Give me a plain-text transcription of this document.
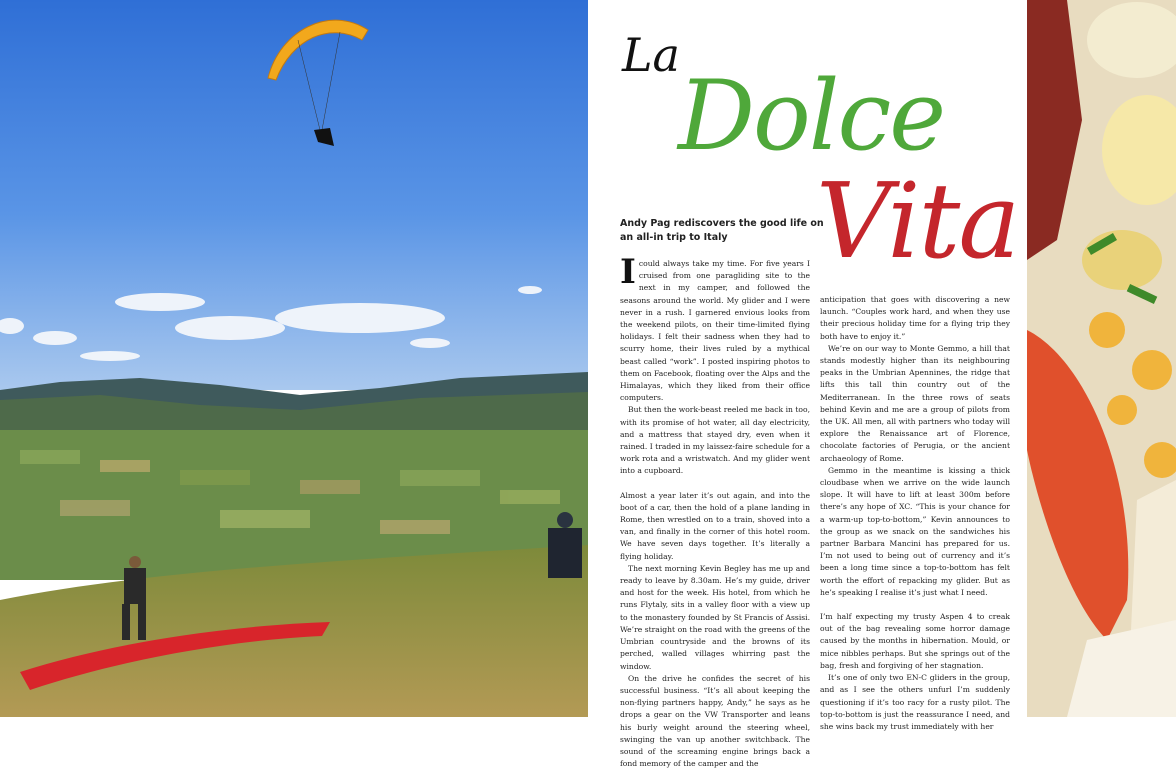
La
Dolce
Vita
Andy Pag rediscovers the good life on an all-in trip to Italy

I could always take my time. For five years I cruised from one paragliding site to the next in my camper, and followed the seasons around the world. My glider and I were never in a rush. I garnered envious looks from the weekend pilots, on their time-limited flying holidays. I felt their sadness when they had to scurry home, their lives ruled by a mythical beast called “work”. I posted inspiring photos to them on Facebook, floating over the Alps and the Himalayas, which they liked from their office computers.

But then the work-beast reeled me back in too, with its promise of hot water, all day electricity, and a mattress that stayed dry, even when it rained. I traded in my laissez-faire schedule for a work rota and a wristwatch. And my glider went into a cupboard.

Almost a year later it’s out again, and into the boot of a car, then the hold of a plane landing in Rome, then wrestled on to a train, shoved into a van, and finally in the corner of this hotel room. We have seven days together. It’s literally a flying holiday.

The next morning Kevin Begley has me up and ready to leave by 8.30am. He’s my guide, driver and host for the week. His hotel, from which he runs Flytaly, sits in a valley floor with a view up to the monastery founded by St Francis of Assisi. We’re straight on the road with the greens of the Umbrian countryside and the browns of its perched, walled villages whirring past the window.

On the drive he confides the secret of his successful business. “It’s all about keeping the non-flying partners happy, Andy,” he says as he drops a gear on the VW Transporter and leans his burly weight around the steering wheel, swinging the van up another switchback. The sound of the screaming engine brings back a fond memory of the camper and the

anticipation that goes with discovering a new launch. “Couples work hard, and when they use their precious holiday time for a flying trip they both have to enjoy it.”

We’re on our way to Monte Gemmo, a hill that stands modestly higher than its neighbouring peaks in the Umbrian Apennines, the ridge that lifts this tall thin country out of the Mediterranean. In the three rows of seats behind Kevin and me are a group of pilots from the UK. All men, all with partners who today will explore the Renaissance art of Florence, chocolate factories of Perugia, or the ancient archaeology of Rome.

Gemmo in the meantime is kissing a thick cloudbase when we arrive on the wide launch slope. It will have to lift at least 300m before there’s any hope of XC. “This is your chance for a warm-up top-to-bottom,” Kevin announces to the group as we snack on the sandwiches his partner Barbara Mancini has prepared for us. I’m not used to being out of currency and it’s been a long time since a top-to-bottom has felt worth the effort of repacking my glider. But as he’s speaking I realise it’s just what I need.

I’m half expecting my trusty Aspen 4 to creak out of the bag revealing some horror damage caused by the months in hibernation. Mould, or mice nibbles perhaps. But she springs out of the bag, fresh and forgiving of her stagnation.

It’s one of only two EN-C gliders in the group, and as I see the others unfurl I’m suddenly questioning if it’s too racy for a rusty pilot. The top-to-bottom is just the reassurance I need, and she wins back my trust immediately with her
